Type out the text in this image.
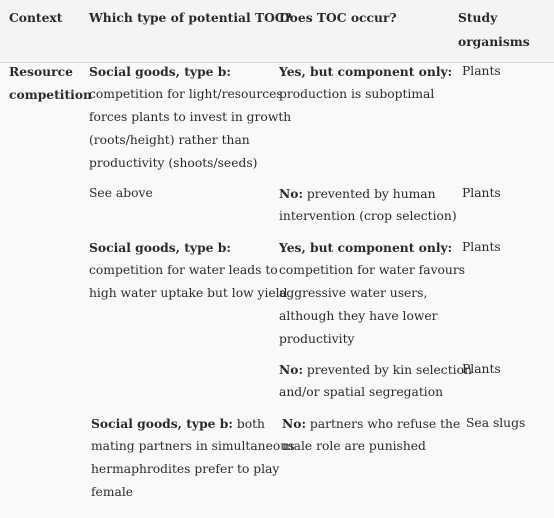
Context Which type of potential TOC?
Does TOC occur?	Study
organisms
Resource
competition
Social goods, type b:
competition for light/resources
forces plants to invest in growth
(roots/height) rather than
productivity (shoots/seeds)
Yes, but component only:
production is suboptimal
Plants
See above	No: prevented by human
intervention (crop selection)
Plants
Social goods, type b:
competition for water leads to
high water uptake but low yield
Yes, but component only:
competition for water favours
aggressive water users,
although they have lower
productivity
Plants
No: prevented by kin selection
and/or spatial segregation
Plants
Social goods, type b: both
mating partners in simultaneous
hermaphrodites prefer to play
female
No: partners who refuse the
male role are punished
Sea slugs
